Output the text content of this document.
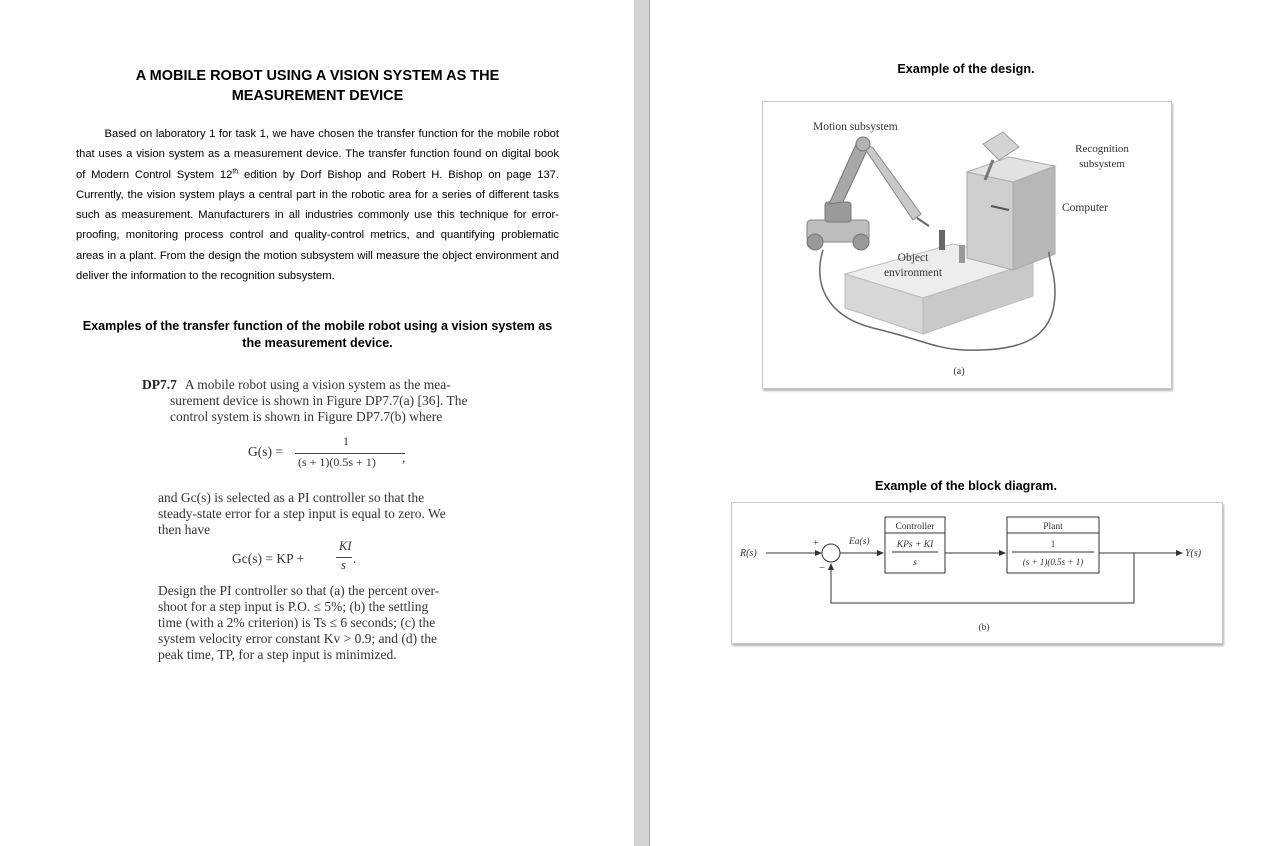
A MOBILE ROBOT USING A VISION SYSTEM AS THE
MEASUREMENT DEVICE
Based on laboratory 1 for task 1, we have chosen the transfer function for the mobile robot that uses a vision system as a measurement device. The transfer function found on digital book of Modern Control System 12th edition by Dorf Bishop and Robert H. Bishop on page 137. Currently, the vision system plays a central part in the robotic area for a series of different tasks such as measurement. Manufacturers in all industries commonly use this technique for error-proofing, monitoring process control and quality-control metrics, and quantifying problematic areas in a plant. From the design the motion subsystem will measure the object environment and deliver the information to the recognition subsystem.
Examples of the transfer function of the mobile robot using a vision system as
the measurement device.
DP7.7 A mobile robot using a vision system as the mea-
surement device is shown in Figure DP7.7(a) [36]. The
control system is shown in Figure DP7.7(b) where
G(s) =
1
(s + 1)(0.5s + 1) ,
and Gc(s) is selected as a PI controller so that the
steady-state error for a step input is equal to zero. We
then have
Gc(s) = KP +
KI
s .
Design the PI controller so that (a) the percent over-
shoot for a step input is P.O. ≤ 5%; (b) the settling
time (with a 2% criterion) is Ts ≤ 6 seconds; (c) the
system velocity error constant Kv > 0.9; and (d) the
peak time, TP, for a step input is minimized.
Example of the design.
Motion subsystem
Recognition
subsystem
Computer
Object
environment
(a)
Example of the block diagram.
R(s)
+
−
Ea(s)
Controller
KPs + KI
s
Plant
1
(s + 1)(0.5s + 1)
Y(s)
(b)
